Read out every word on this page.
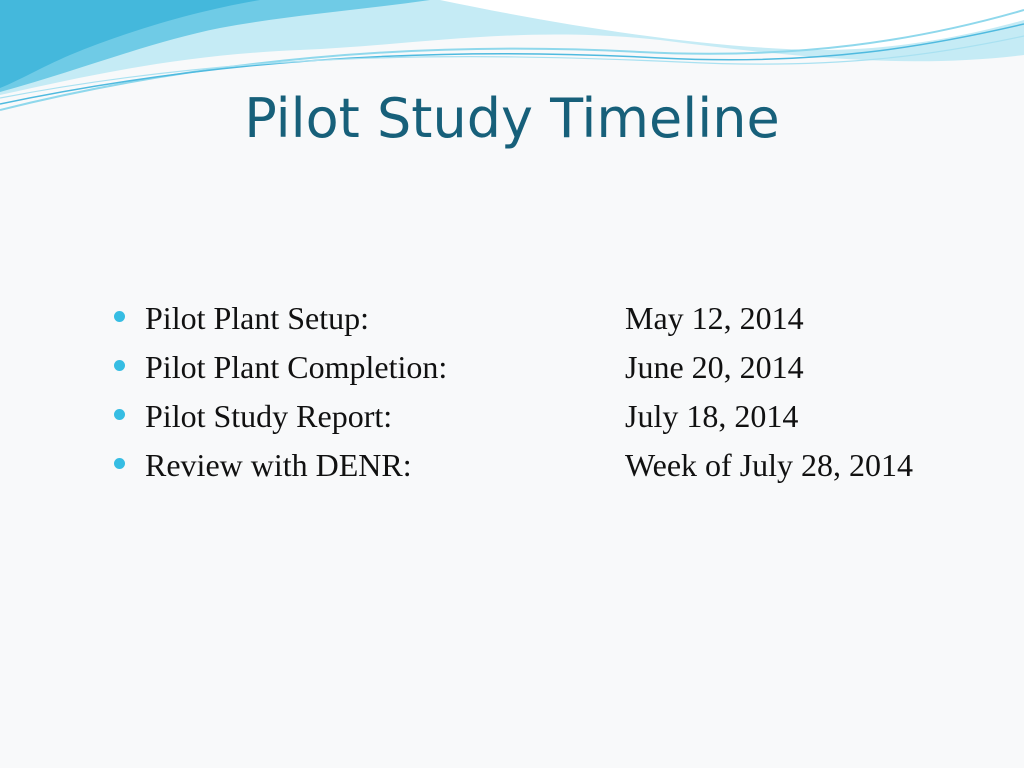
Pilot Study Timeline
Pilot Plant Setup:	May 12, 2014
Pilot Plant Completion:	June 20, 2014
Pilot Study Report:	July 18, 2014
Review with DENR:	Week of July 28, 2014
